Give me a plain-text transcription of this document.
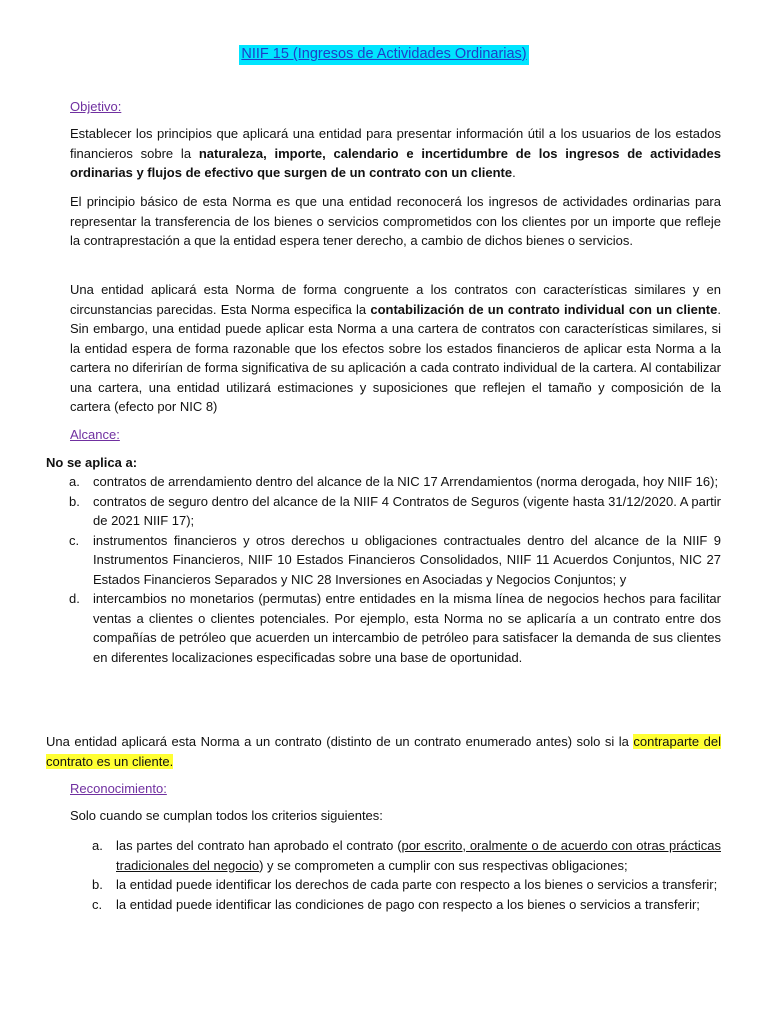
NIIF 15 (Ingresos de Actividades Ordinarias)
Objetivo:

Establecer los principios que aplicará una entidad para presentar información útil a los usuarios de los estados financieros sobre la naturaleza, importe, calendario e incertidumbre de los ingresos de actividades ordinarias y flujos de efectivo que surgen de un contrato con un cliente.

El principio básico de esta Norma es que una entidad reconocerá los ingresos de actividades ordinarias para representar la transferencia de los bienes o servicios comprometidos con los clientes por un importe que refleje la contraprestación a que la entidad espera tener derecho, a cambio de dichos bienes o servicios.

Una entidad aplicará esta Norma de forma congruente a los contratos con características similares y en circunstancias parecidas. Esta Norma especifica la contabilización de un contrato individual con un cliente. Sin embargo, una entidad puede aplicar esta Norma a una cartera de contratos con características similares, si la entidad espera de forma razonable que los efectos sobre los estados financieros de aplicar esta Norma a la cartera no diferirían de forma significativa de su aplicación a cada contrato individual de la cartera. Al contabilizar una cartera, una entidad utilizará estimaciones y suposiciones que reflejen el tamaño y composición de la cartera (efecto por NIC 8)

Alcance:
No se aplica a:
a. contratos de arrendamiento dentro del alcance de la NIC 17 Arrendamientos (norma derogada, hoy NIIF 16);
b. contratos de seguro dentro del alcance de la NIIF 4 Contratos de Seguros (vigente hasta 31/12/2020. A partir de 2021 NIIF 17);
c. instrumentos financieros y otros derechos u obligaciones contractuales dentro del alcance de la NIIF 9 Instrumentos Financieros, NIIF 10 Estados Financieros Consolidados, NIIF 11 Acuerdos Conjuntos, NIC 27 Estados Financieros Separados y NIC 28 Inversiones en Asociadas y Negocios Conjuntos; y
d. intercambios no monetarios (permutas) entre entidades en la misma línea de negocios hechos para facilitar ventas a clientes o clientes potenciales. Por ejemplo, esta Norma no se aplicaría a un contrato entre dos compañías de petróleo que acuerden un intercambio de petróleo para satisfacer la demanda de sus clientes en diferentes localizaciones especificadas sobre una base de oportunidad.

Una entidad aplicará esta Norma a un contrato (distinto de un contrato enumerado antes) solo si la contraparte del contrato es un cliente.

Reconocimiento:
Solo cuando se cumplan todos los criterios siguientes:
a. las partes del contrato han aprobado el contrato (por escrito, oralmente o de acuerdo con otras prácticas tradicionales del negocio) y se comprometen a cumplir con sus respectivas obligaciones;
b. la entidad puede identificar los derechos de cada parte con respecto a los bienes o servicios a transferir;
c. la entidad puede identificar las condiciones de pago con respecto a los bienes o servicios a transferir;
